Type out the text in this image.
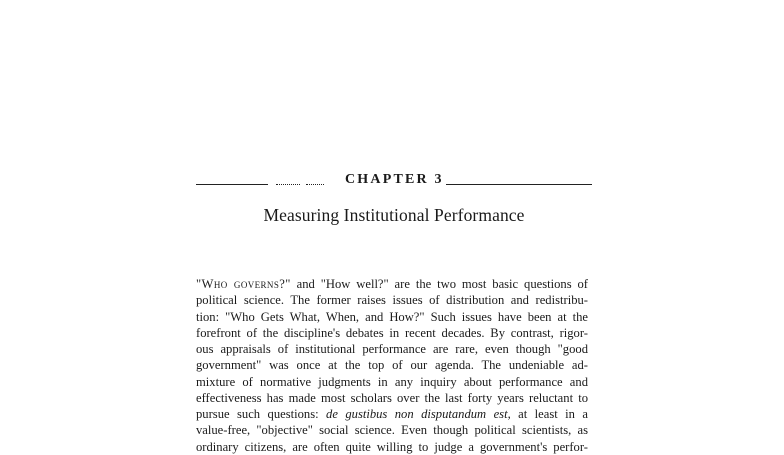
CHAPTER 3
Measuring Institutional Performance
"Who governs?" and "How well?" are the two most basic questions of
political science. The former raises issues of distribution and redistribu-
tion: "Who Gets What, When, and How?" Such issues have been at the
forefront of the discipline's debates in recent decades. By contrast, rigor-
ous appraisals of institutional performance are rare, even though "good
government" was once at the top of our agenda. The undeniable ad-
mixture of normative judgments in any inquiry about performance and
effectiveness has made most scholars over the last forty years reluctant to
pursue such questions: de gustibus non disputandum est, at least in a
value-free, "objective" social science. Even though political scientists, as
ordinary citizens, are often quite willing to judge a government's perfor-
